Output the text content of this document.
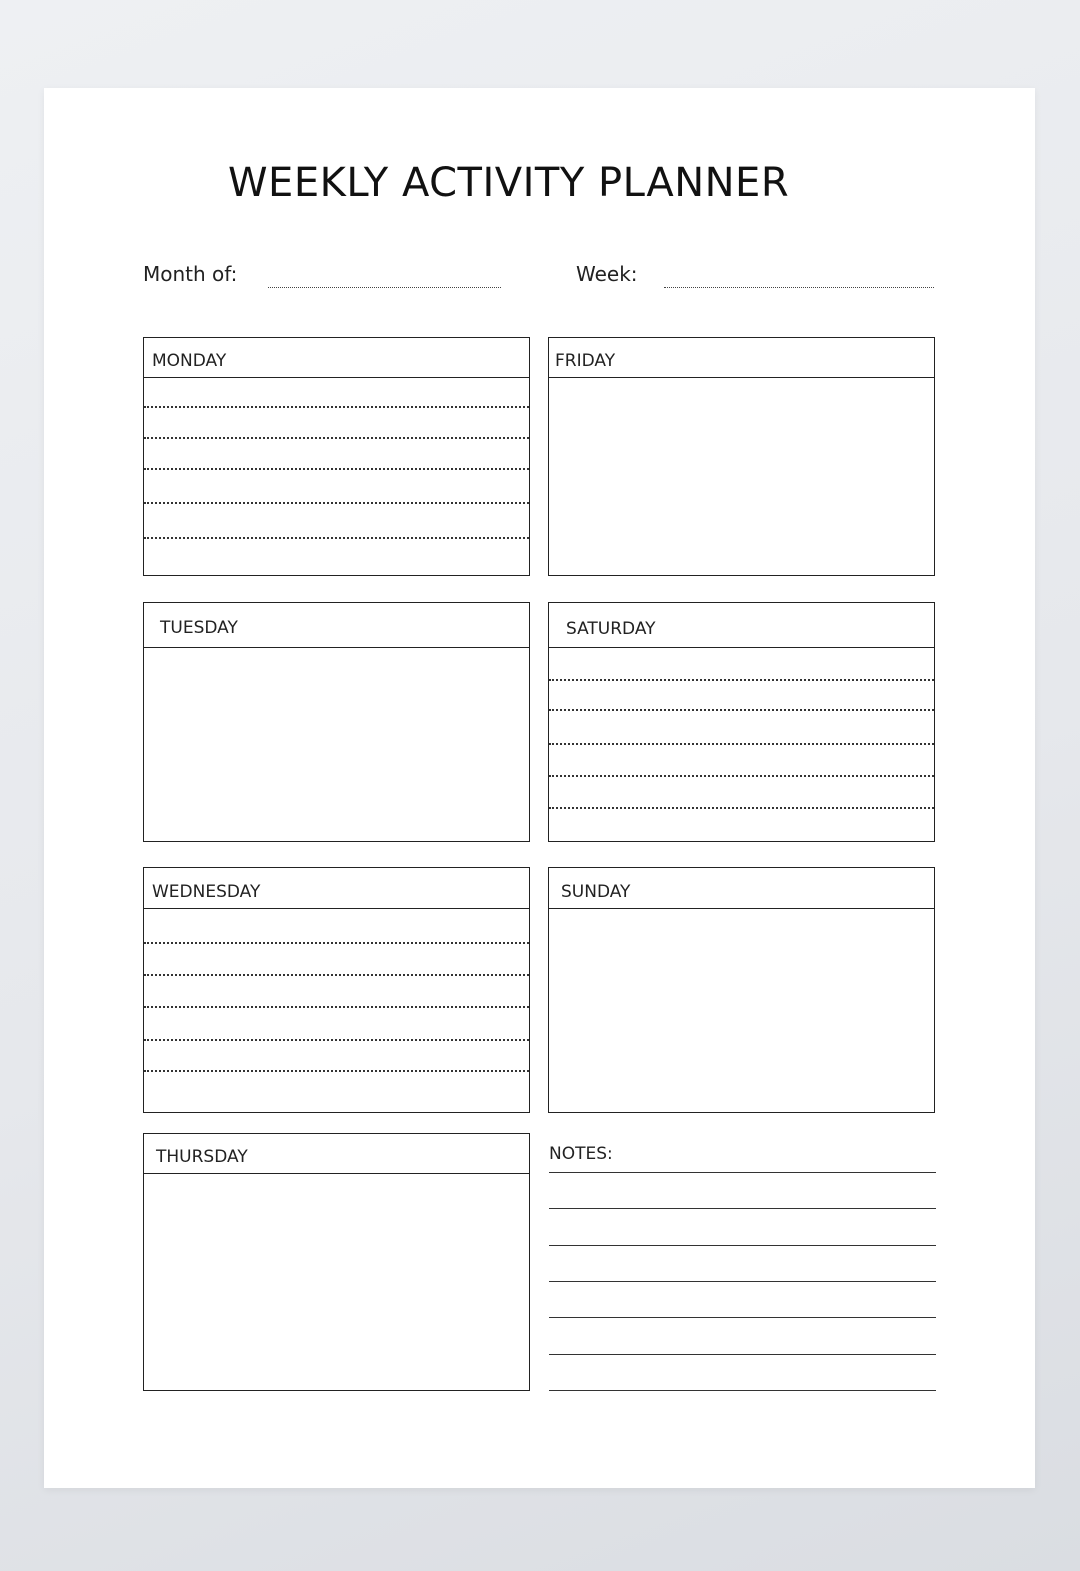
WEEKLY ACTIVITY PLANNER
Month of:	Week:
MONDAY	FRIDAY
TUESDAY	SATURDAY
WEDNESDAY	SUNDAY
THURSDAY	NOTES:
